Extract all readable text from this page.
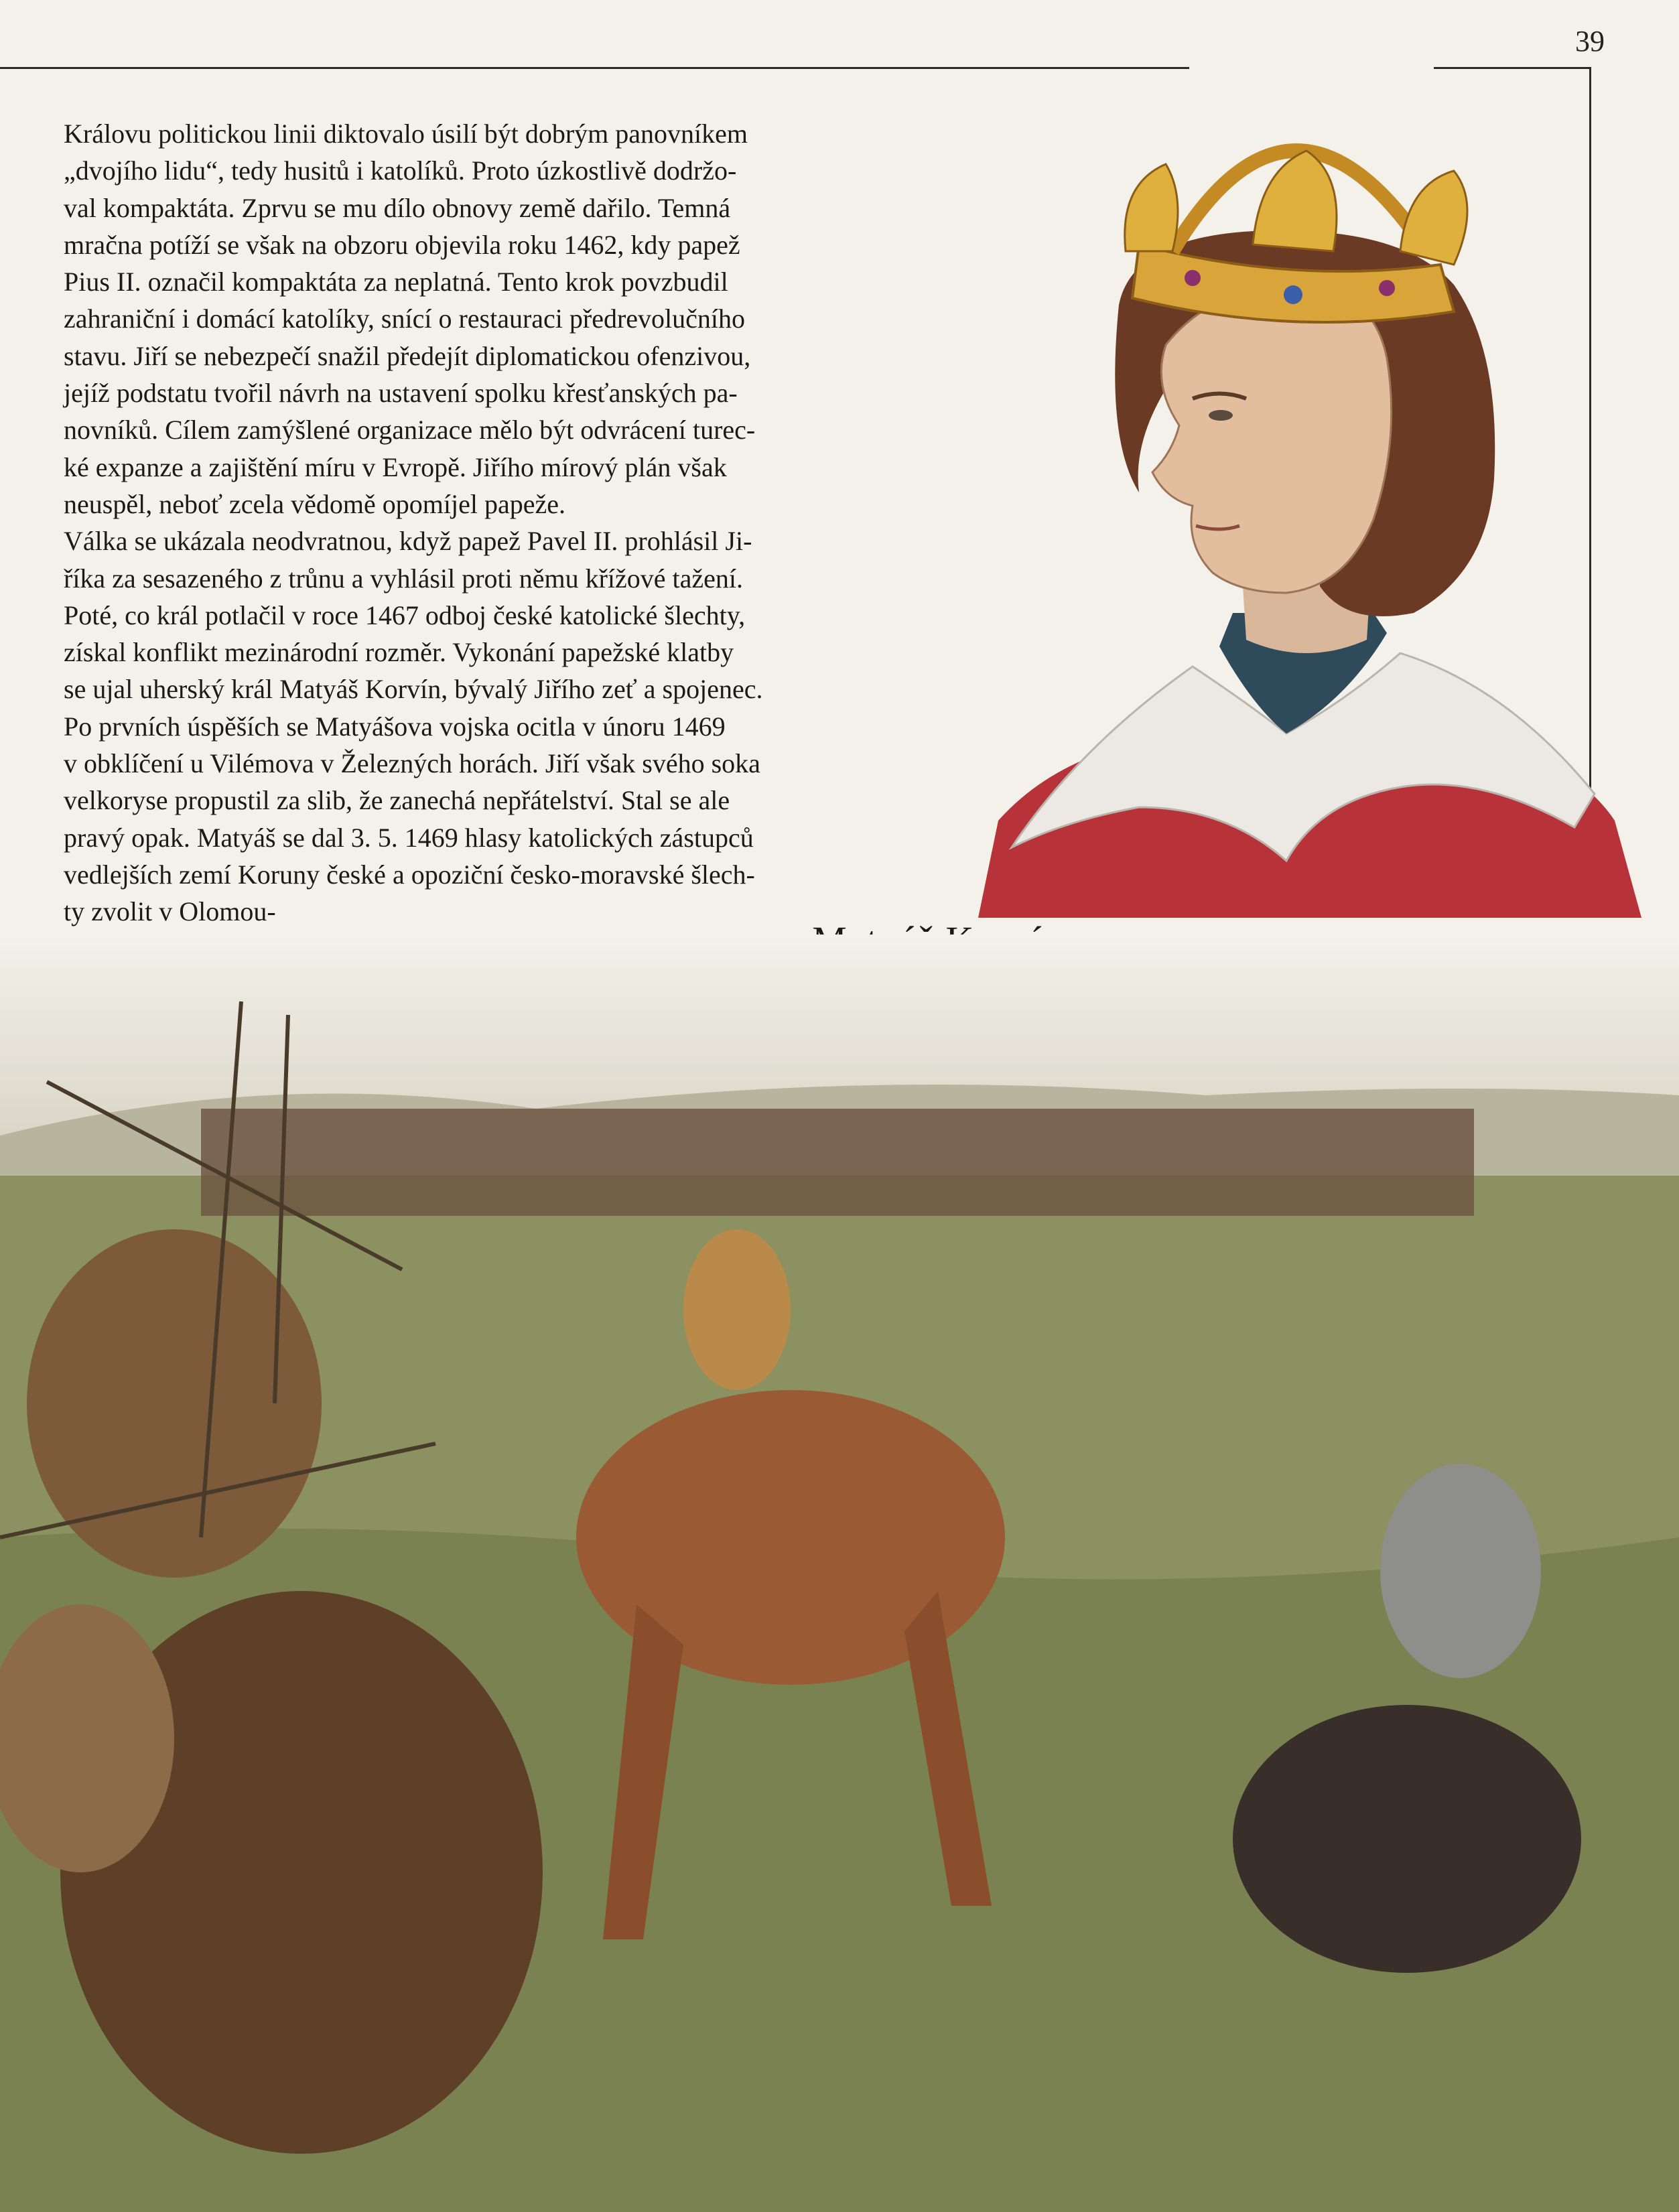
39
Královu politickou linii diktovalo úsilí být dobrým panovníkem
„dvojího lidu“, tedy husitů i katolíků. Proto úzkostlivě dodržo-
val kompaktáta. Zprvu se mu dílo obnovy země dařilo. Temná
mračna potíží se však na obzoru objevila roku 1462, kdy papež
Pius II. označil kompaktáta za neplatná. Tento krok povzbudil
zahraniční i domácí katolíky, snící o restauraci předrevolučního
stavu. Jiří se nebezpečí snažil předejít diplomatickou ofenzivou,
jejíž podstatu tvořil návrh na ustavení spolku křesťanských pa-
novníků. Cílem zamýšlené organizace mělo být odvrácení turec-
ké expanze a zajištění míru v Evropě. Jiřího mírový plán však
neuspěl, neboť zcela vědomě opomíjel papeže.
Válka se ukázala neodvratnou, když papež Pavel II. prohlásil Ji-
říka za sesazeného z trůnu a vyhlásil proti němu křížové tažení.
Poté, co král potlačil v roce 1467 odboj české katolické šlechty,
získal konflikt mezinárodní rozměr. Vykonání papežské klatby
se ujal uherský král Matyáš Korvín, bývalý Jiřího zeť a spojenec.
Po prvních úspěších se Matyášova vojska ocitla v únoru 1469
v obklíčení u Vilémova v Železných horách. Jiří však svého soka
velkoryse propustil za slib, že zanechá nepřátelství. Stal se ale
pravý opak. Matyáš se dal 3. 5. 1469 hlasy katolických zástupců
vedlejších zemí Koruny české a opoziční česko-moravské šlech-
ty zvolit v Olomou-
